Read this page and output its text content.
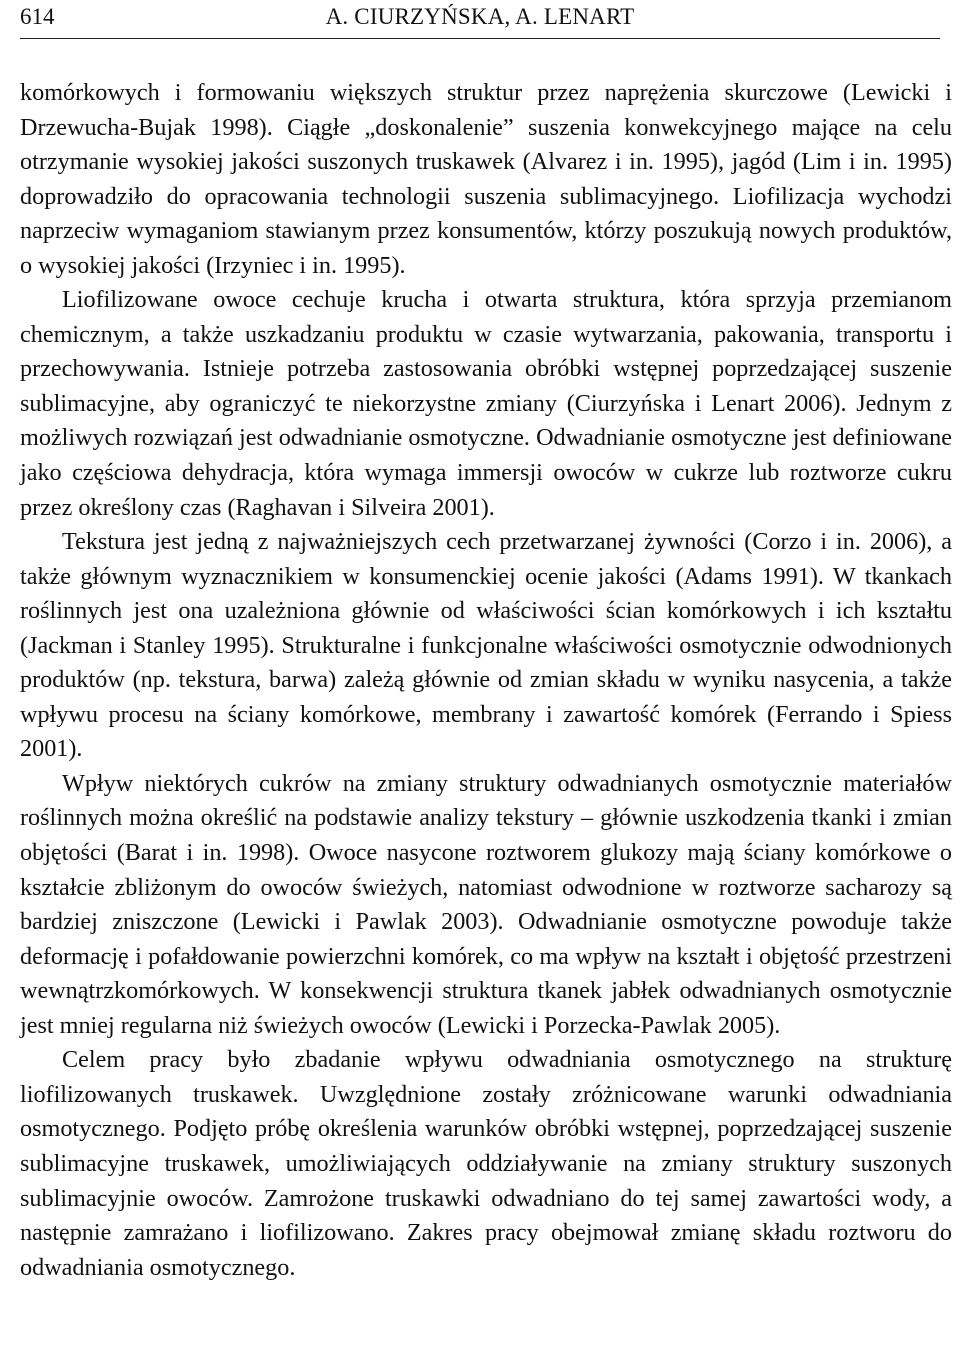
614	A. CIURZYŃSKA, A. LENART

komórkowych i formowaniu większych struktur przez naprężenia skurczowe (Lewicki i Drzewucha-Bujak 1998). Ciągłe „doskonalenie” suszenia konwekcyjnego mające na celu otrzymanie wysokiej jakości suszonych truskawek (Alvarez i in. 1995), jagód (Lim i in. 1995) doprowadziło do opracowania technologii suszenia sublimacyjnego. Liofilizacja wychodzi naprzeciw wymaganiom stawianym przez konsumentów, którzy poszukują nowych produktów, o wysokiej jakości (Irzyniec i in. 1995).

Liofilizowane owoce cechuje krucha i otwarta struktura, która sprzyja przemianom chemicznym, a także uszkadzaniu produktu w czasie wytwarzania, pakowania, transportu i przechowywania. Istnieje potrzeba zastosowania obróbki wstępnej poprzedzającej suszenie sublimacyjne, aby ograniczyć te niekorzystne zmiany (Ciurzyńska i Lenart 2006). Jednym z możliwych rozwiązań jest odwadnianie osmotyczne. Odwadnianie osmotyczne jest definiowane jako częściowa dehydracja, która wymaga immersji owoców w cukrze lub roztworze cukru przez określony czas (Raghavan i Silveira 2001).

Tekstura jest jedną z najważniejszych cech przetwarzanej żywności (Corzo i in. 2006), a także głównym wyznacznikiem w konsumenckiej ocenie jakości (Adams 1991). W tkankach roślinnych jest ona uzależniona głównie od właściwości ścian komórkowych i ich kształtu (Jackman i Stanley 1995). Strukturalne i funkcjonalne właściwości osmotycznie odwodnionych produktów (np. tekstura, barwa) zależą głównie od zmian składu w wyniku nasycenia, a także wpływu procesu na ściany komórkowe, membrany i zawartość komórek (Ferrando i Spiess 2001).

Wpływ niektórych cukrów na zmiany struktury odwadnianych osmotycznie materiałów roślinnych można określić na podstawie analizy tekstury – głównie uszkodzenia tkanki i zmian objętości (Barat i in. 1998). Owoce nasycone roztworem glukozy mają ściany komórkowe o kształcie zbliżonym do owoców świeżych, natomiast odwodnione w roztworze sacharozy są bardziej zniszczone (Lewicki i Pawlak 2003). Odwadnianie osmotyczne powoduje także deformację i pofałdowanie powierzchni komórek, co ma wpływ na kształt i objętość przestrzeni wewnątrzkomórkowych. W konsekwencji struktura tkanek jabłek odwadnianych osmotycznie jest mniej regularna niż świeżych owoców (Lewicki i Porzecka-Pawlak 2005).

Celem pracy było zbadanie wpływu odwadniania osmotycznego na strukturę liofilizowanych truskawek. Uwzględnione zostały zróżnicowane warunki odwadniania osmotycznego. Podjęto próbę określenia warunków obróbki wstępnej, poprzedzającej suszenie sublimacyjne truskawek, umożliwiających oddziaływanie na zmiany struktury suszonych sublimacyjnie owoców. Zamrożone truskawki odwadniano do tej samej zawartości wody, a następnie zamrażano i liofilizowano. Zakres pracy obejmował zmianę składu roztworu do odwadniania osmotycznego.
